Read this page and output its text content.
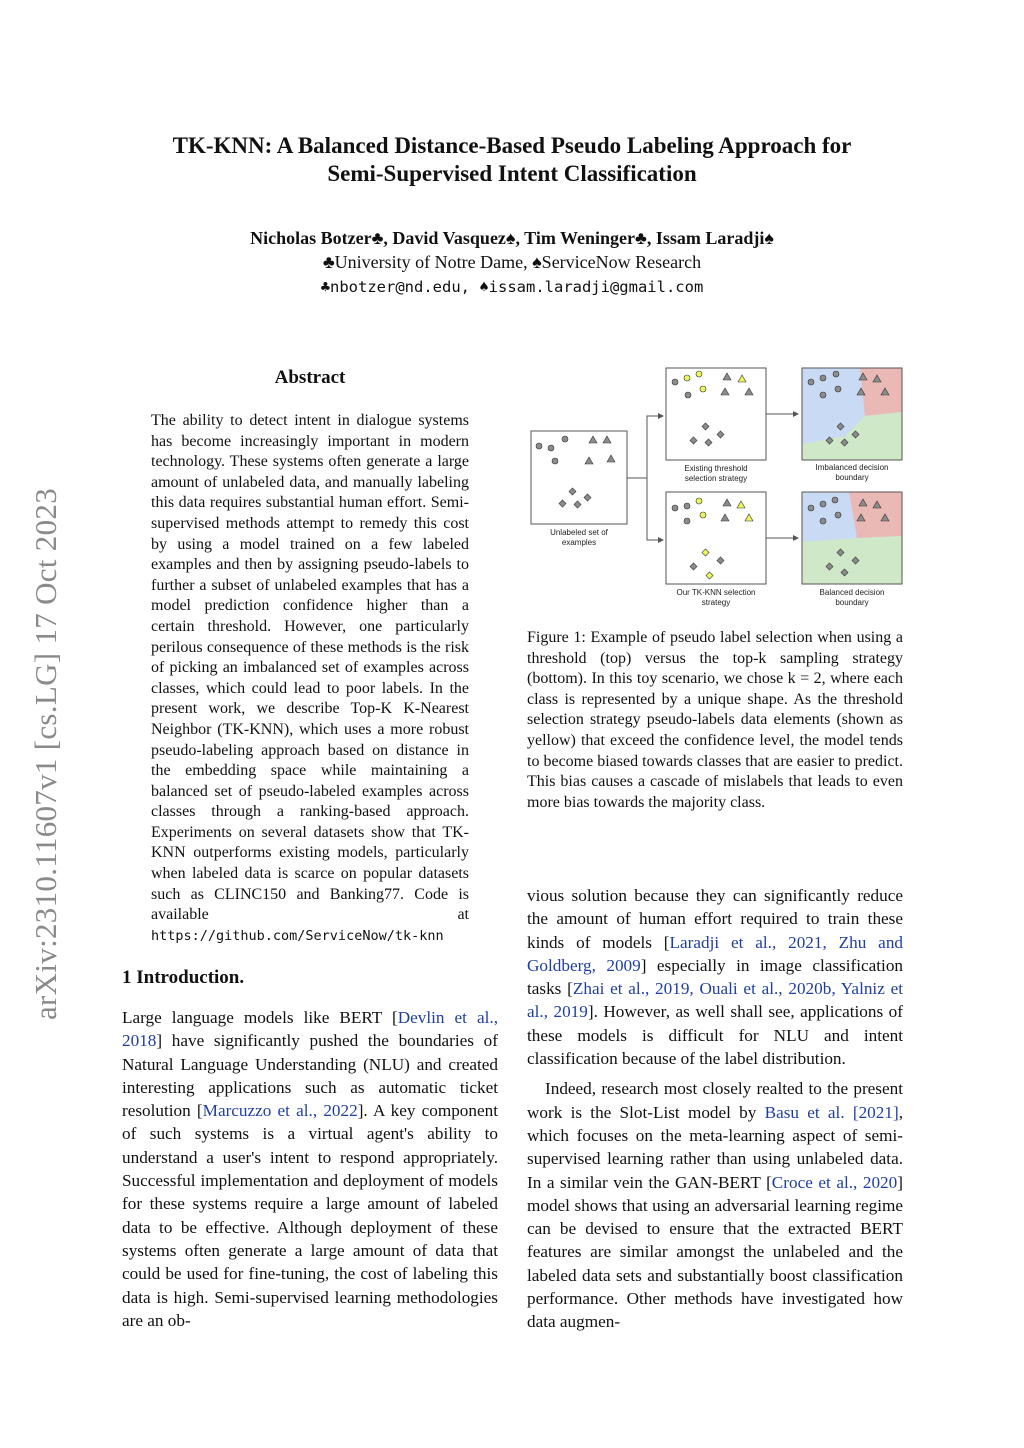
TK-KNN: A Balanced Distance-Based Pseudo Labeling Approach for
Semi-Supervised Intent Classification
Nicholas Botzer♣, David Vasquez♠, Tim Weninger♣, Issam Laradji♠
♣University of Notre Dame, ♠ServiceNow Research
♣nbotzer@nd.edu, ♠issam.laradji@gmail.com
arXiv:2310.11607v1 [cs.LG] 17 Oct 2023
Abstract
The ability to detect intent in dialogue systems has become increasingly important in modern technology. These systems often generate a large amount of unlabeled data, and manually labeling this data requires substantial human effort. Semi-supervised methods attempt to remedy this cost by using a model trained on a few labeled examples and then by assigning pseudo-labels to further a subset of unlabeled examples that has a model prediction confidence higher than a certain threshold. However, one particularly perilous consequence of these methods is the risk of picking an imbalanced set of examples across classes, which could lead to poor labels. In the present work, we describe Top-K K-Nearest Neighbor (TK-KNN), which uses a more robust pseudo-labeling approach based on distance in the embedding space while maintaining a balanced set of pseudo-labeled examples across classes through a ranking-based approach. Experiments on several datasets show that TK-KNN outperforms existing models, particularly when labeled data is scarce on popular datasets such as CLINC150 and Banking77. Code is available at https://github.com/ServiceNow/tk-knn
Unlabeled set of
examples
Existing threshold
selection strategy
Our TK-KNN selection
strategy
Imbalanced decision
boundary
Balanced decision
boundary
Figure 1: Example of pseudo label selection when using a threshold (top) versus the top-k sampling strategy (bottom). In this toy scenario, we chose k = 2, where each class is represented by a unique shape. As the threshold selection strategy pseudo-labels data elements (shown as yellow) that exceed the confidence level, the model tends to become biased towards classes that are easier to predict. This bias causes a cascade of mislabels that leads to even more bias towards the majority class.
1 Introduction.
Large language models like BERT [Devlin et al., 2018] have significantly pushed the boundaries of Natural Language Understanding (NLU) and created interesting applications such as automatic ticket resolution [Marcuzzo et al., 2022]. A key component of such systems is a virtual agent's ability to understand a user's intent to respond appropriately. Successful implementation and deployment of models for these systems require a large amount of labeled data to be effective. Although deployment of these systems often generate a large amount of data that could be used for fine-tuning, the cost of labeling this data is high. Semi-supervised learning methodologies are an ob-

vious solution because they can significantly reduce the amount of human effort required to train these kinds of models [Laradji et al., 2021, Zhu and Goldberg, 2009] especially in image classification tasks [Zhai et al., 2019, Ouali et al., 2020b, Yalniz et al., 2019]. However, as well shall see, applications of these models is difficult for NLU and intent classification because of the label distribution.

Indeed, research most closely realted to the present work is the Slot-List model by Basu et al. [2021], which focuses on the meta-learning aspect of semi-supervised learning rather than using unlabeled data. In a similar vein the GAN-BERT [Croce et al., 2020] model shows that using an adversarial learning regime can be devised to ensure that the extracted BERT features are similar amongst the unlabeled and the labeled data sets and substantially boost classification performance. Other methods have investigated how data augmen-
